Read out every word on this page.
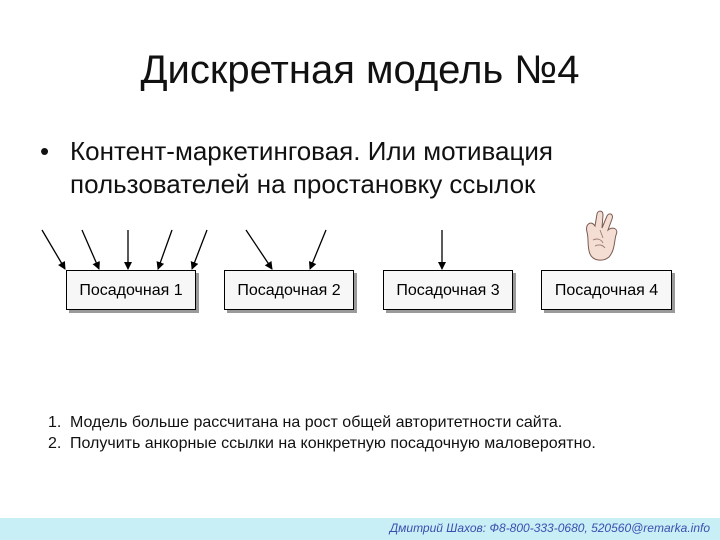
Дискретная модель №4
• Контент-маркетинговая. Или мотивация пользователей на простановку ссылок
Посадочная 1	Посадочная 2	Посадочная 3	Посадочная 4
1. Модель больше рассчитана на рост общей авторитетности сайта.
2. Получить анкорные ссылки на конкретную посадочную маловероятно.
Дмитрий Шахов: Ф8-800-333-0680, 520560@remarka.info
